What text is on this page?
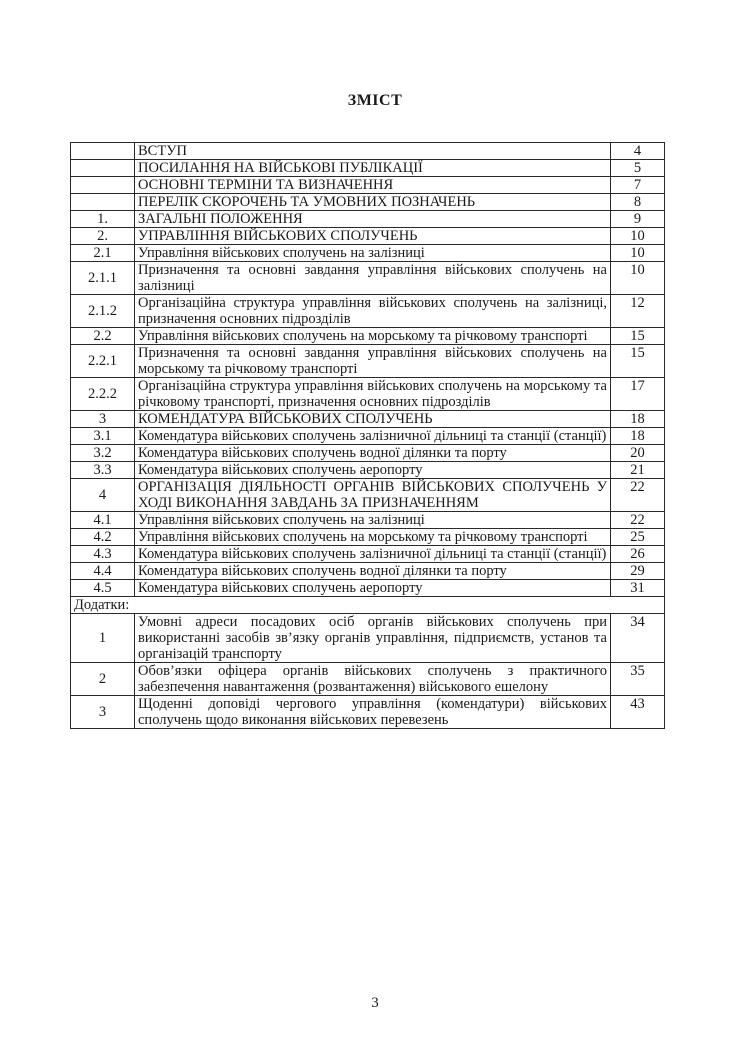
ЗМІСТ
	ВСТУП	4
	ПОСИЛАННЯ НА ВІЙСЬКОВІ ПУБЛІКАЦІЇ	5
	ОСНОВНІ ТЕРМІНИ ТА ВИЗНАЧЕННЯ	7
	ПЕРЕЛІК СКОРОЧЕНЬ ТА УМОВНИХ ПОЗНАЧЕНЬ	8
1.	ЗАГАЛЬНІ ПОЛОЖЕННЯ	9
2.	УПРАВЛІННЯ ВІЙСЬКОВИХ СПОЛУЧЕНЬ	10
2.1	Управління військових сполучень на залізниці	10
2.1.1	Призначення та основні завдання управління військових сполучень на залізниці	10
2.1.2	Організаційна структура управління військових сполучень на залізниці, призначення основних підрозділів	12
2.2	Управління військових сполучень на морському та річковому транспорті	15
2.2.1	Призначення та основні завдання управління військових сполучень на морському та річковому транспорті	15
2.2.2	Організаційна структура управління військових сполучень на морському та річковому транспорті, призначення основних підрозділів	17
3	КОМЕНДАТУРА ВІЙСЬКОВИХ СПОЛУЧЕНЬ	18
3.1	Комендатура військових сполучень залізничної дільниці та станції (станції)	18
3.2	Комендатура військових сполучень водної ділянки та порту	20
3.3	Комендатура військових сполучень аеропорту	21
4	ОРГАНІЗАЦІЯ ДІЯЛЬНОСТІ ОРГАНІВ ВІЙСЬКОВИХ СПОЛУЧЕНЬ У ХОДІ ВИКОНАННЯ ЗАВДАНЬ ЗА ПРИЗНАЧЕННЯМ	22
4.1	Управління військових сполучень на залізниці	22
4.2	Управління військових сполучень на морському та річковому транспорті	25
4.3	Комендатура військових сполучень залізничної дільниці та станції (станції)	26
4.4	Комендатура військових сполучень водної ділянки та порту	29
4.5	Комендатура військових сполучень аеропорту	31
Додатки:		
1	Умовні адреси посадових осіб органів військових сполучень при використанні засобів зв’язку органів управління, підприємств, установ та організацій транспорту	34
2	Обов’язки офіцера органів військових сполучень з практичного забезпечення навантаження (розвантаження) військового ешелону	35
3	Щоденні доповіді чергового управління (комендатури) військових сполучень щодо виконання військових перевезень	43
3
